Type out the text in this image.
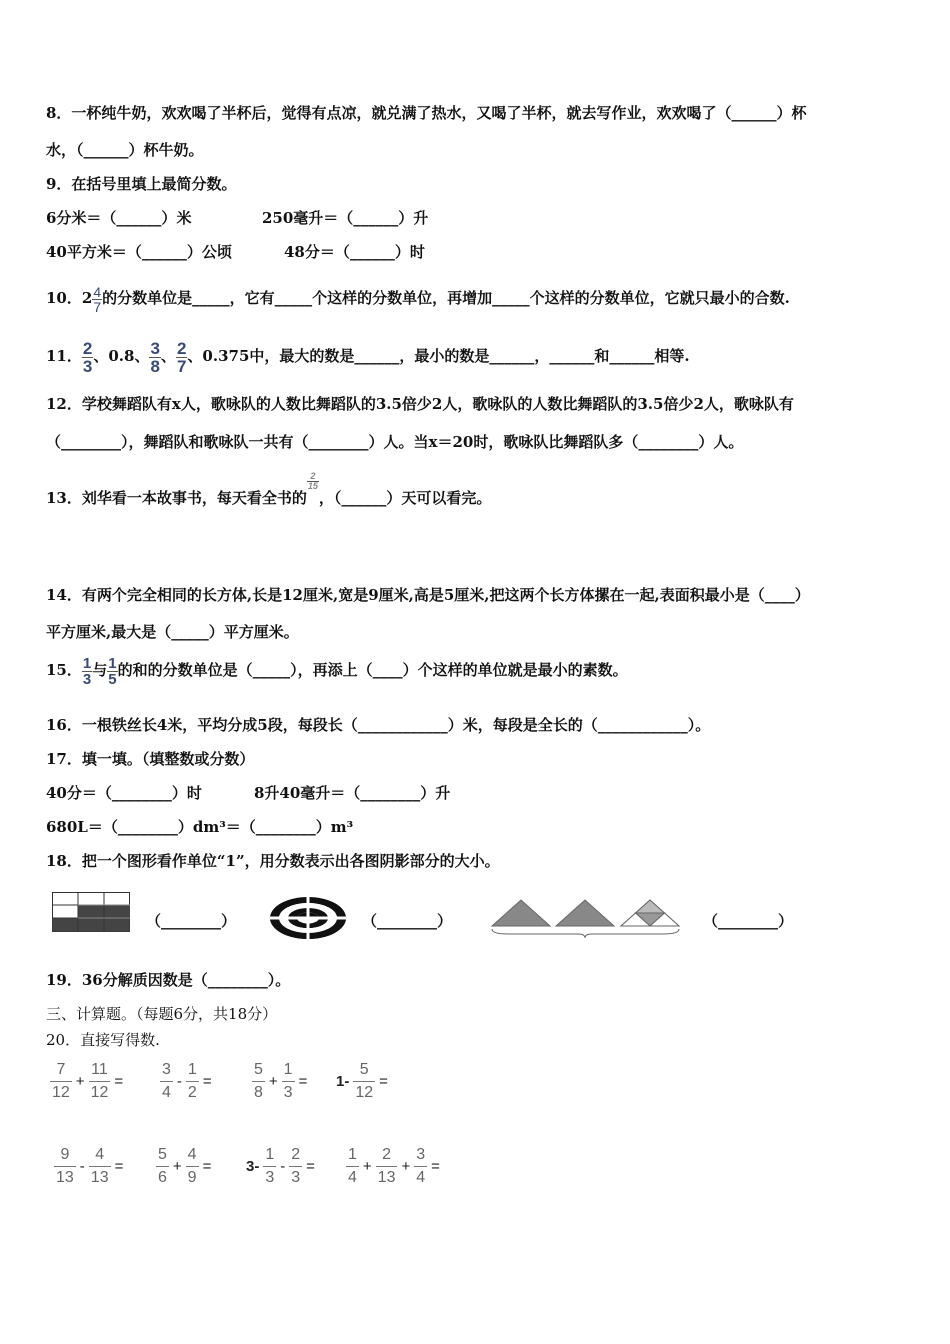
8．一杯纯牛奶，欢欢喝了半杯后，觉得有点凉，就兑满了热水，又喝了半杯，就去写作业，欢欢喝了（______）杯
水，（______）杯牛奶。
9．在括号里填上最简分数。
6分米＝（______）米	250毫升＝（______）升
40平方米＝（______）公顷	48分＝（______）时
10．$2 \frac{4}{7}$ 的分数单位是_____，它有_____个这样的分数单位，再增加_____个这样的分数单位，它就只最小的合数.
11． $\frac{2}{3}$ 、0.8、 $\frac{3}{8}$ 、 $\frac{2}{7}$ 、0.375中，最大的数是______，最小的数是______，______和______相等.
12．学校舞蹈队有x人，歌咏队的人数比舞蹈队的3.5倍少2人，歌咏队的人数比舞蹈队的3.5倍少2人，歌咏队有
（________），舞蹈队和歌咏队一共有（________）人。当x＝20时，歌咏队比舞蹈队多（________）人。
13．刘华看一本故事书，每天看全书的
$\frac{2}{15}$
，（______）天可以看完。
14．有两个完全相同的长方体,长是12厘米,宽是9厘米,高是5厘米,把这两个长方体摞在一起,表面积最小是（____）
平方厘米,最大是（_____）平方厘米。
15． $\frac{1}{3}$ 与 $\frac{1}{5}$ 的和的分数单位是（_____），再添上（____）个这样的单位就是最小的素数。
16．一根铁丝长4米，平均分成5段，每段长（____________）米，每段是全长的（____________）。
17．填一填。（填整数或分数）
40分＝（________）时	8升40毫升＝（________）升
680L＝（________）dm³＝（________）m³
18．把一个图形看作单位“1”，用分数表示出各图阴影部分的大小。
（________）	（________）	（________）
19．36分解质因数是（________）。
三、计算题。（每题6分，共18分）
20．直接写得数.
$\frac{7}{12} + \frac{11}{12} = \frac{3}{4} - \frac{1}{2}$ =	$\frac{5}{8} + \frac{1}{3} = 1- \frac{5}{12}$ =
$\frac{9}{13} - \frac{4}{13} = \frac{5}{6} + \frac{4}{9} = 3- \frac{1}{3} - \frac{2}{3} = \frac{1}{4} + \frac{2}{13} + \frac{3}{4}$ =
